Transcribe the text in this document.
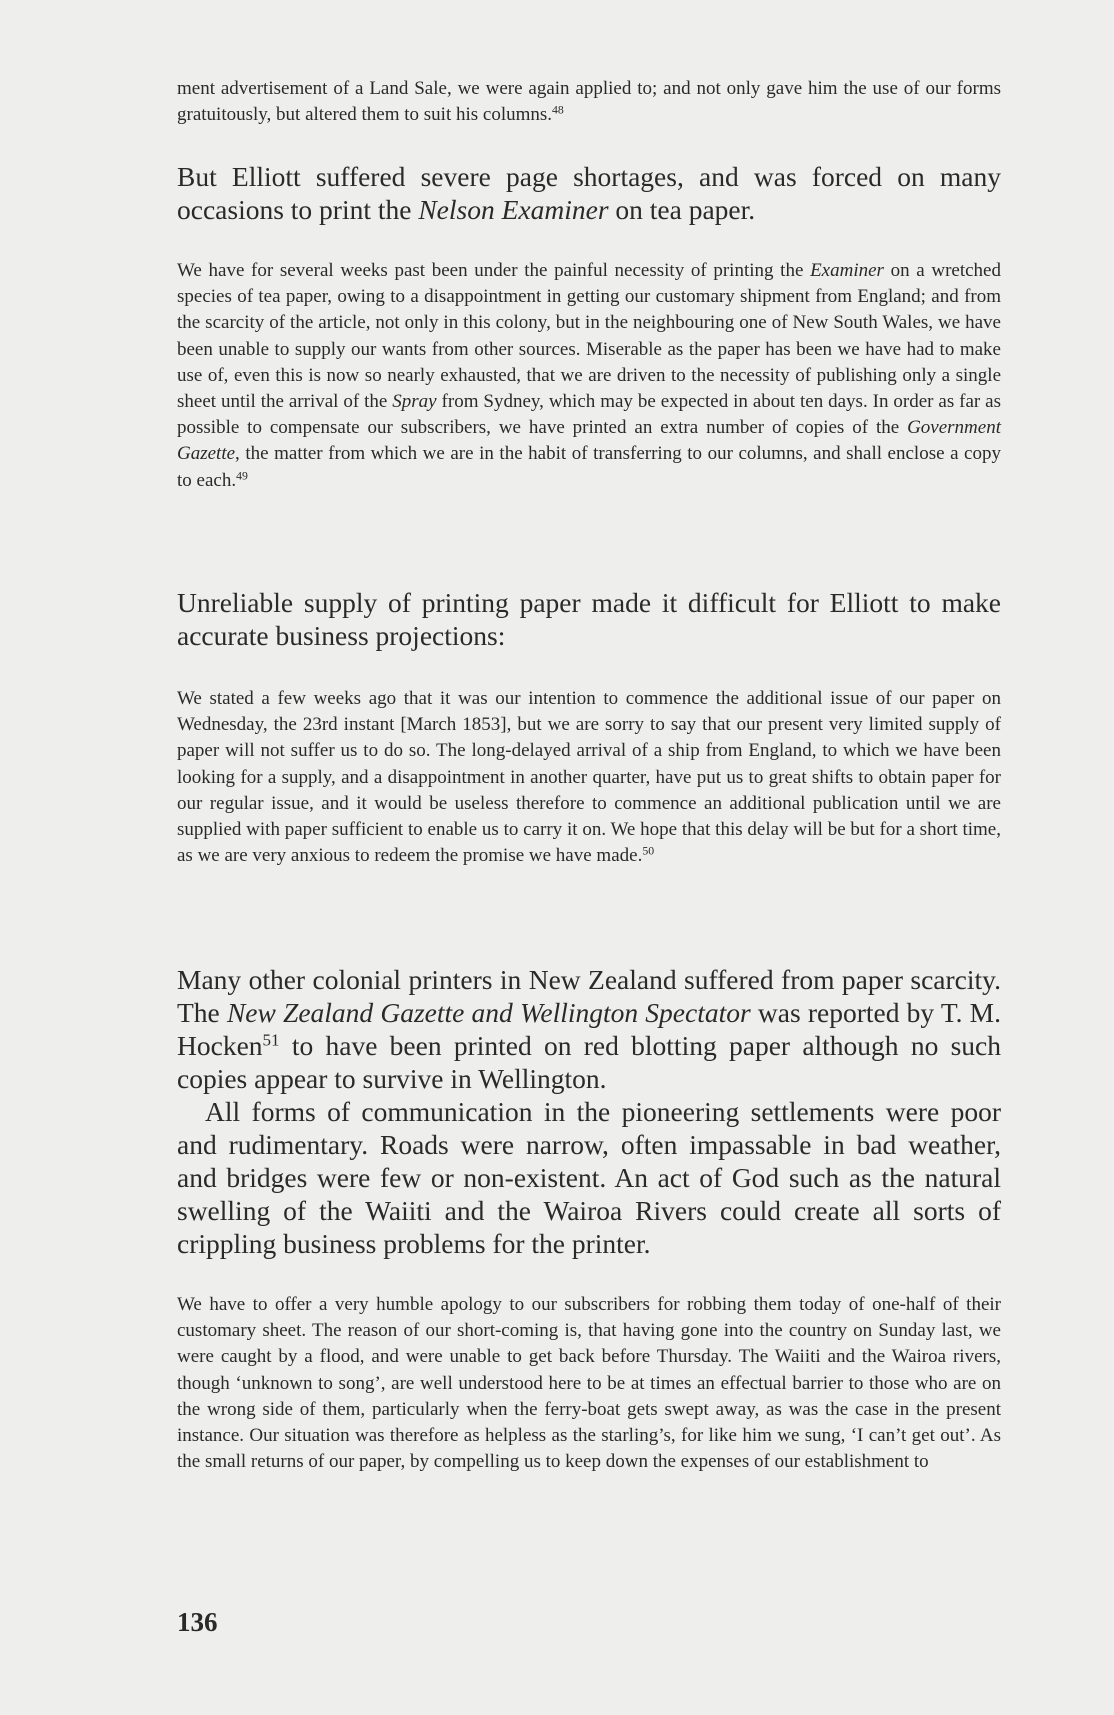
ment advertisement of a Land Sale, we were again applied to; and not only gave him the use of our forms gratuitously, but altered them to suit his columns.$^{48}$

But Elliott suffered severe page shortages, and was forced on many occasions to print the Nelson Examiner on tea paper.

We have for several weeks past been under the painful necessity of printing the Examiner on a wretched species of tea paper, owing to a disappointment in getting our customary shipment from England; and from the scarcity of the article, not only in this colony, but in the neighbouring one of New South Wales, we have been unable to supply our wants from other sources. Miserable as the paper has been we have had to make use of, even this is now so nearly exhausted, that we are driven to the necessity of publishing only a single sheet until the arrival of the Spray from Sydney, which may be expected in about ten days. In order as far as possible to compensate our subscribers, we have printed an extra number of copies of the Government Gazette, the matter from which we are in the habit of transferring to our columns, and shall enclose a copy to each.$^{49}$

Unreliable supply of printing paper made it difficult for Elliott to make accurate business projections:

We stated a few weeks ago that it was our intention to commence the additional issue of our paper on Wednesday, the 23rd instant [March 1853], but we are sorry to say that our present very limited supply of paper will not suffer us to do so. The long-delayed arrival of a ship from England, to which we have been looking for a supply, and a disappointment in another quarter, have put us to great shifts to obtain paper for our regular issue, and it would be useless therefore to commence an additional publication until we are supplied with paper sufficient to enable us to carry it on. We hope that this delay will be but for a short time, as we are very anxious to redeem the promise we have made.$^{50}$

Many other colonial printers in New Zealand suffered from paper scarcity. The New Zealand Gazette and Wellington Spectator was reported by T. M. Hocken$^{51}$ to have been printed on red blotting paper although no such copies appear to survive in Wellington.

All forms of communication in the pioneering settlements were poor and rudimentary. Roads were narrow, often impassable in bad weather, and bridges were few or non-existent. An act of God such as the natural swelling of the Waiiti and the Wairoa Rivers could create all sorts of crippling business problems for the printer.

We have to offer a very humble apology to our subscribers for robbing them today of one-half of their customary sheet. The reason of our short-coming is, that having gone into the country on Sunday last, we were caught by a flood, and were unable to get back before Thursday. The Waiiti and the Wairoa rivers, though ‘unknown to song’, are well understood here to be at times an effectual barrier to those who are on the wrong side of them, particularly when the ferry-boat gets swept away, as was the case in the present instance. Our situation was therefore as helpless as the starling’s, for like him we sung, ‘I can’t get out’. As the small returns of our paper, by compelling us to keep down the expenses of our establishment to

136
